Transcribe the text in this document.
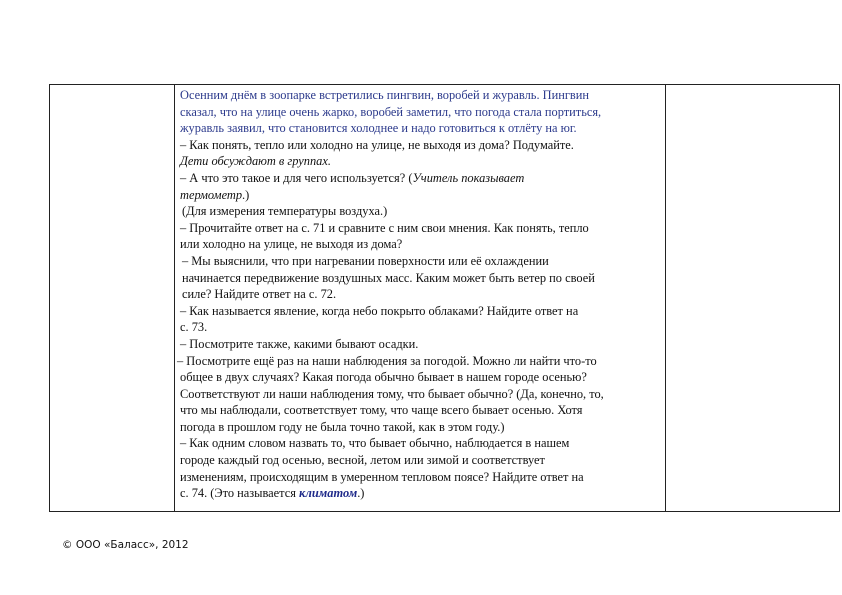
Осенним днём в зоопарке встретились пингвин, воробей и журавль. Пингвин
сказал, что на улице очень жарко, воробей заметил, что погода стала портиться,
журавль заявил, что становится холоднее и надо готовиться к отлёту на юг.
– Как понять, тепло или холодно на улице, не выходя из дома? Подумайте.
Дети обсуждают в группах.
– А что это такое и для чего используется? (Учитель показывает
термометр.)
(Для измерения температуры воздуха.)
– Прочитайте ответ на с. 71 и сравните с ним свои мнения. Как понять, тепло
или холодно на улице, не выходя из дома?
– Мы выяснили, что при нагревании поверхности или её охлаждении
начинается передвижение воздушных масс. Каким может быть ветер по своей
силе? Найдите ответ на с. 72.
– Как называется явление, когда небо покрыто облаками? Найдите ответ на
с. 73.
– Посмотрите также, какими бывают осадки.
– Посмотрите ещё раз на наши наблюдения за погодой. Можно ли найти что-то
общее в двух случаях? Какая погода обычно бывает в нашем городе осенью?
Соответствуют ли наши наблюдения тому, что бывает обычно? (Да, конечно, то,
что мы наблюдали, соответствует тому, что чаще всего бывает осенью. Хотя
погода в прошлом году не была точно такой, как в этом году.)
– Как одним словом назвать то, что бывает обычно, наблюдается в нашем
городе каждый год осенью, весной, летом или зимой и соответствует
изменениям, происходящим в умеренном тепловом поясе? Найдите ответ на
с. 74. (Это называется климатом.)

© ООО «Баласс», 2012
